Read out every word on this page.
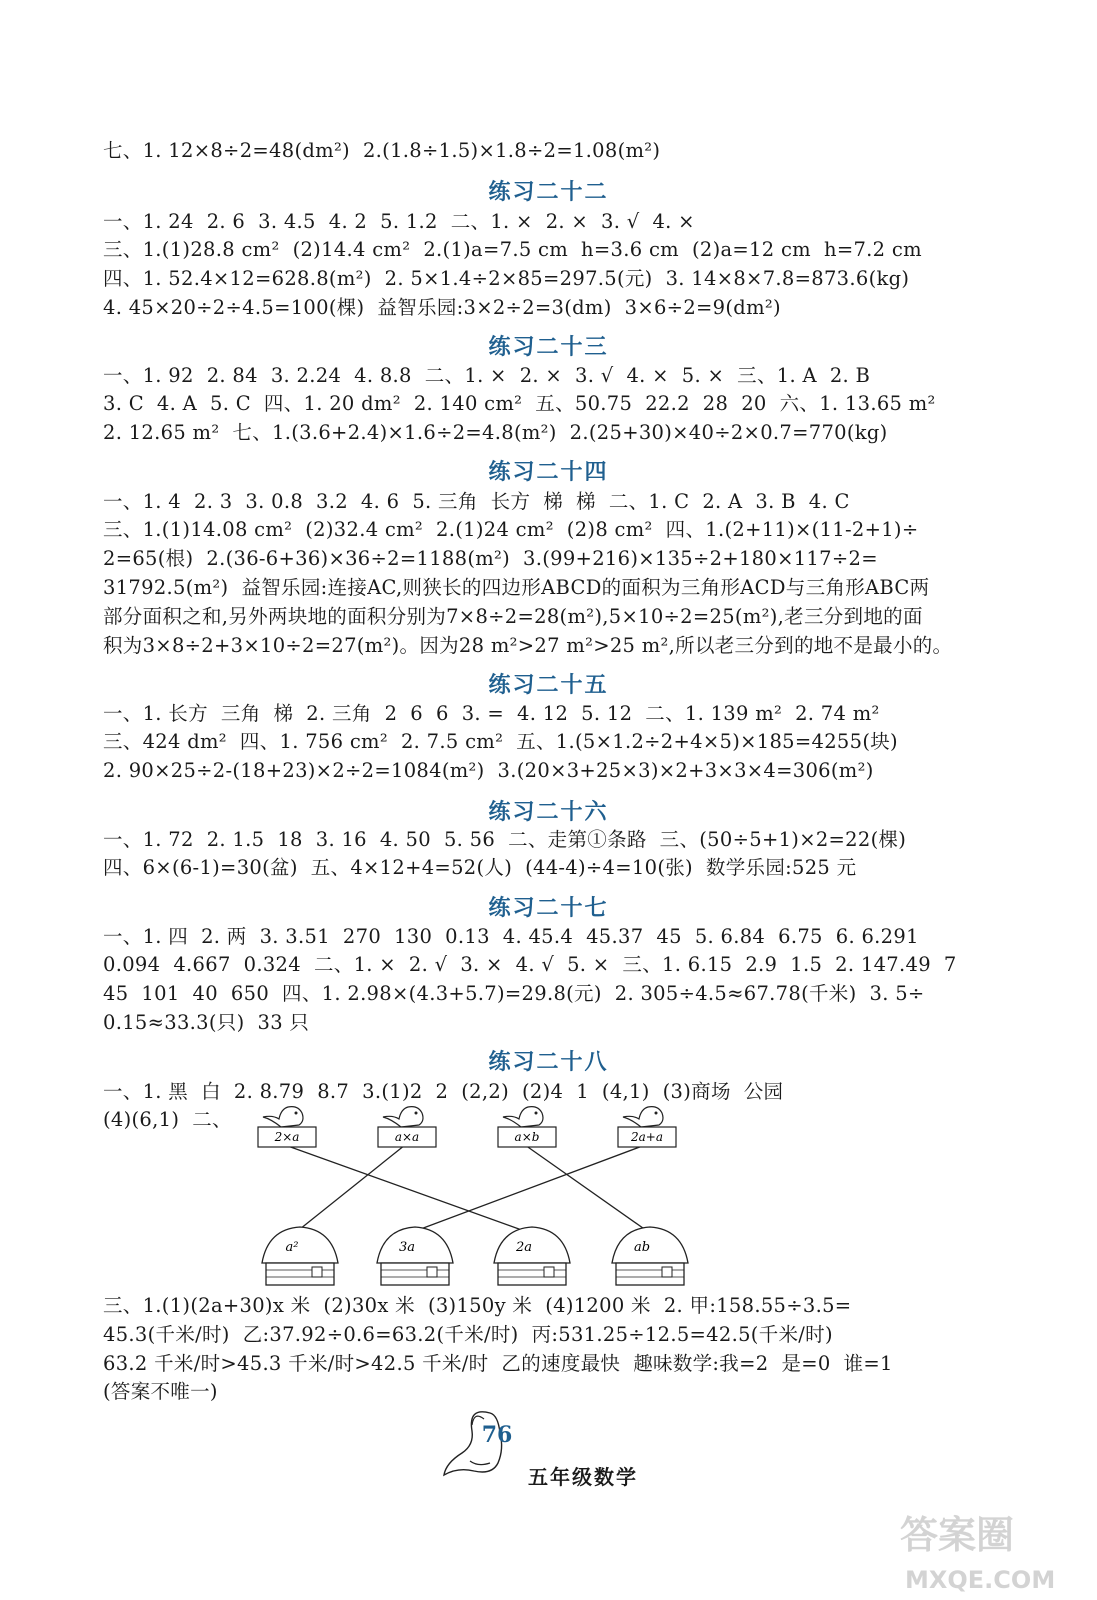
七、1. 12×8÷2=48(dm²)  2.(1.8÷1.5)×1.8÷2=1.08(m²)
练习二十二
一、1. 24  2. 6  3. 4.5  4. 2  5. 1.2  二、1. ×  2. ×  3. √  4. ×
三、1.(1)28.8 cm²  (2)14.4 cm²  2.(1)a=7.5 cm  h=3.6 cm  (2)a=12 cm  h=7.2 cm
四、1. 52.4×12=628.8(m²)  2. 5×1.4÷2×85=297.5(元)  3. 14×8×7.8=873.6(kg)
4. 45×20÷2÷4.5=100(棵)  益智乐园:3×2÷2=3(dm)  3×6÷2=9(dm²)
练习二十三
一、1. 92  2. 84  3. 2.24  4. 8.8  二、1. ×  2. ×  3. √  4. ×  5. ×  三、1. A  2. B
3. C  4. A  5. C  四、1. 20 dm²  2. 140 cm²  五、50.75  22.2  28  20  六、1. 13.65 m²
2. 12.65 m²  七、1.(3.6+2.4)×1.6÷2=4.8(m²)  2.(25+30)×40÷2×0.7=770(kg)
练习二十四
一、1. 4  2. 3  3. 0.8  3.2  4. 6  5. 三角  长方  梯  梯  二、1. C  2. A  3. B  4. C
三、1.(1)14.08 cm²  (2)32.4 cm²  2.(1)24 cm²  (2)8 cm²  四、1.(2+11)×(11-2+1)÷
2=65(根)  2.(36-6+36)×36÷2=1188(m²)  3.(99+216)×135÷2+180×117÷2=
31792.5(m²)  益智乐园:连接AC,则狭长的四边形ABCD的面积为三角形ACD与三角形ABC两
部分面积之和,另外两块地的面积分别为7×8÷2=28(m²),5×10÷2=25(m²),老三分到地的面
积为3×8÷2+3×10÷2=27(m²)。因为28 m²>27 m²>25 m²,所以老三分到的地不是最小的。
练习二十五
一、1. 长方  三角  梯  2. 三角  2  6  6  3. =  4. 12  5. 12  二、1. 139 m²  2. 74 m²
三、424 dm²  四、1. 756 cm²  2. 7.5 cm²  五、1.(5×1.2÷2+4×5)×185=4255(块)
2. 90×25÷2-(18+23)×2÷2=1084(m²)  3.(20×3+25×3)×2+3×3×4=306(m²)
练习二十六
一、1. 72  2. 1.5  18  3. 16  4. 50  5. 56  二、走第①条路  三、(50÷5+1)×2=22(棵)
四、6×(6-1)=30(盆)  五、4×12+4=52(人)  (44-4)÷4=10(张)  数学乐园:525 元
练习二十七
一、1. 四  2. 两  3. 3.51  270  130  0.13  4. 45.4  45.37  45  5. 6.84  6.75  6. 6.291
0.094  4.667  0.324  二、1. ×  2. √  3. ×  4. √  5. ×  三、1. 6.15  2.9  1.5  2. 147.49  7
45  101  40  650  四、1. 2.98×(4.3+5.7)=29.8(元)  2. 305÷4.5≈67.78(千米)  3. 5÷
0.15≈33.3(只)  33 只
练习二十八
一、1. 黑  白  2. 8.79  8.7  3.(1)2  2  (2,2)  (2)4  1  (4,1)  (3)商场  公园
(4)(6,1)  二、
三、1.(1)(2a+30)x 米  (2)30x 米  (3)150y 米  (4)1200 米  2. 甲:158.55÷3.5=
45.3(千米/时)  乙:37.92÷0.6=63.2(千米/时)  丙:531.25÷12.5=42.5(千米/时)
63.2 千米/时>45.3 千米/时>42.5 千米/时  乙的速度最快  趣味数学:我=2  是=0  谁=1
(答案不唯一)
2×a	a×a	a×b	2a+a
a²	3a	2a	ab
76
五年级数学
答案圈
MXQE.COM
